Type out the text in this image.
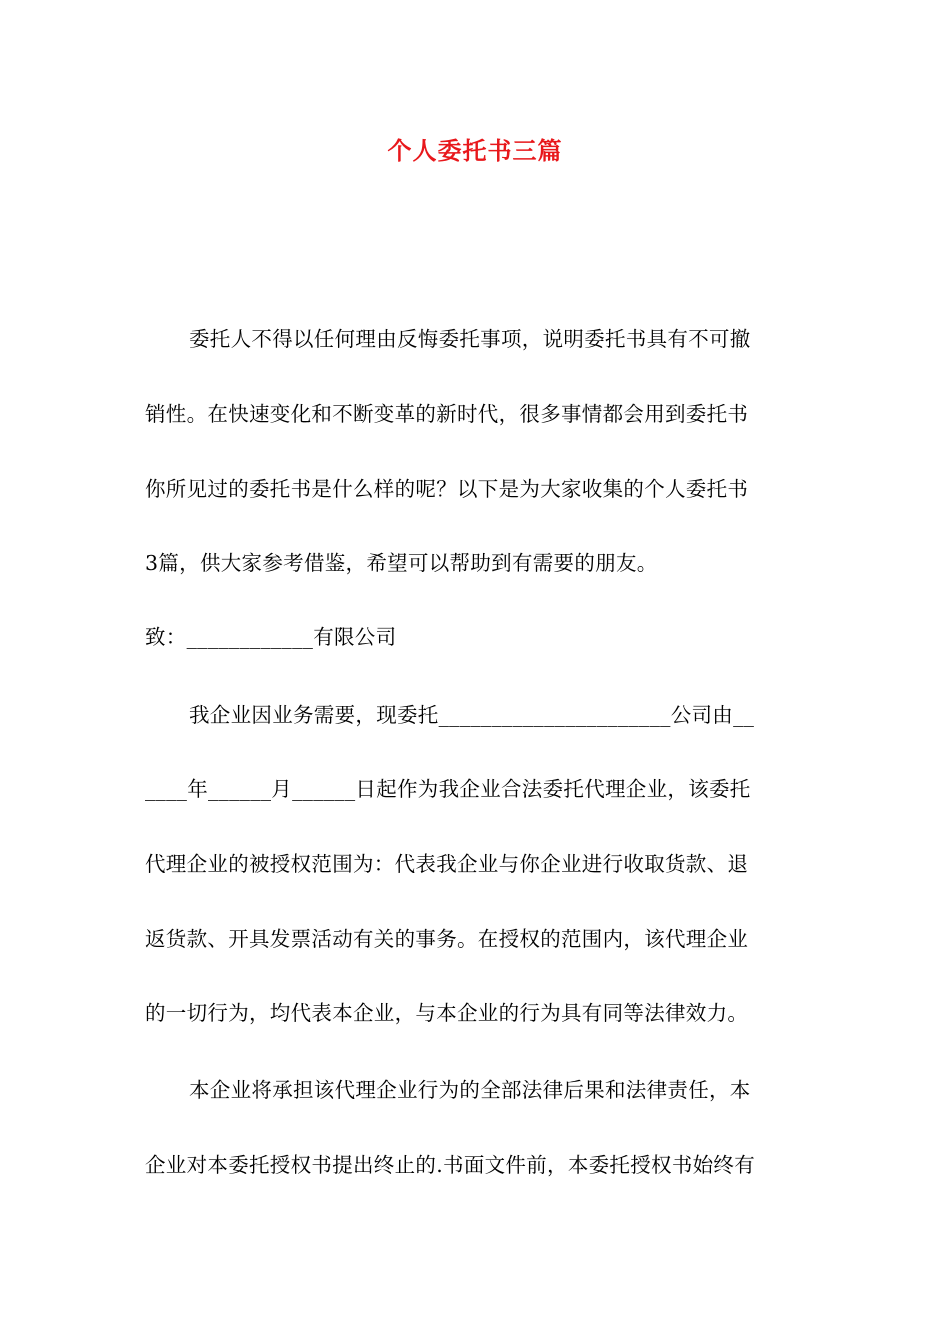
个人委托书三篇
委托人不得以任何理由反悔委托事项，说明委托书具有不可撤
销性。在快速变化和不断变革的新时代，很多事情都会用到委托书
你所见过的委托书是什么样的呢？以下是为大家收集的个人委托书
3篇，供大家参考借鉴，希望可以帮助到有需要的朋友。
致：____________有限公司
我企业因业务需要，现委托______________________公司由__
____年______月______日起作为我企业合法委托代理企业，该委托
代理企业的被授权范围为：代表我企业与你企业进行收取货款、退
返货款、开具发票活动有关的事务。在授权的范围内，该代理企业
的一切行为，均代表本企业，与本企业的行为具有同等法律效力。
本企业将承担该代理企业行为的全部法律后果和法律责任，本
企业对本委托授权书提出终止的.书面文件前，本委托授权书始终有
